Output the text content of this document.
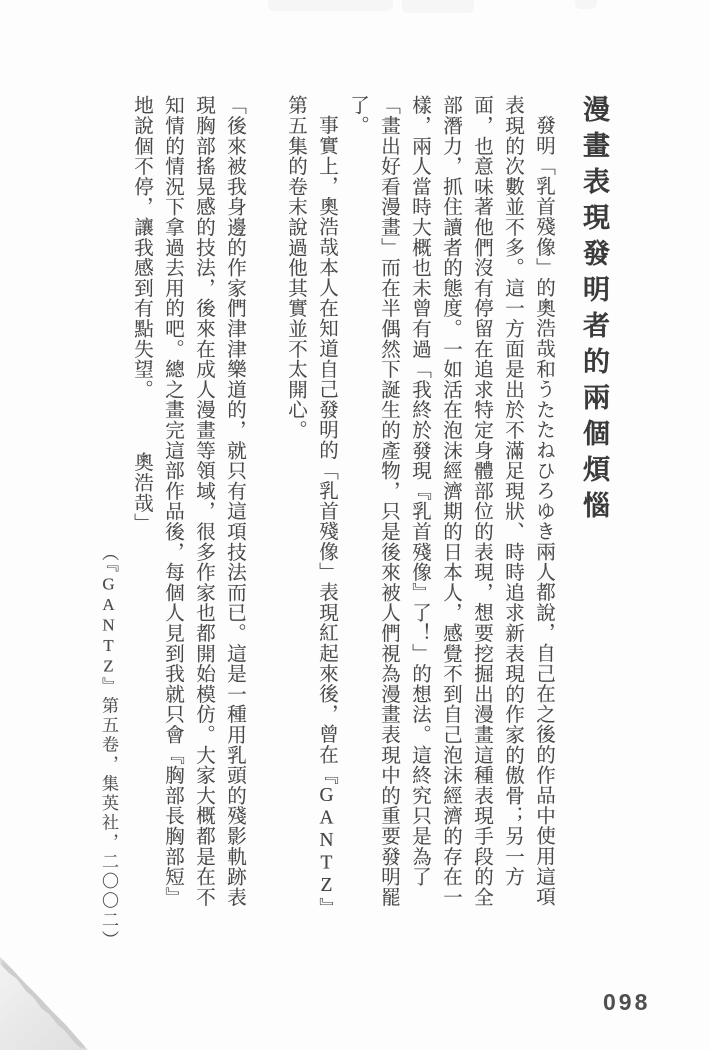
漫畫表現發明者的兩個煩惱

發明「乳首殘像」的奧浩哉和うたたねひろゆき兩人都說，自己在之後的作品中使用這項表現的次數並不多。這一方面是出於不滿足現狀、時時追求新表現的作家的傲骨；另一方面，也意味著他們沒有停留在追求特定身體部位的表現，想要挖掘出漫畫這種表現手段的全部潛力，抓住讀者的態度。一如活在泡沫經濟期的日本人，感覺不到自己泡沫經濟的存在一樣，兩人當時大概也未曾有過「我終於發現『乳首殘像』了！」的想法。這終究只是為了「畫出好看漫畫」而在半偶然下誕生的產物，只是後來被人們視為漫畫表現中的重要發明罷了。

事實上，奧浩哉本人在知道自己發明的「乳首殘像」表現紅起來後，曾在『GANTZ』第五集的卷末說過他其實並不太開心。

「後來被我身邊的作家們津津樂道的，就只有這項技法而已。這是一種用乳頭的殘影軌跡表現胸部搖晃感的技法，後來在成人漫畫等領域，很多作家也都開始模仿。大家大概都是在不知情的情況下拿過去用的吧。總之畫完這部作品後，每個人見到我就只會『胸部長胸部短』地說個不停，讓我感到有點失望。奧浩哉」

（『GANTZ』第五卷，集英社，二〇〇二）

098
